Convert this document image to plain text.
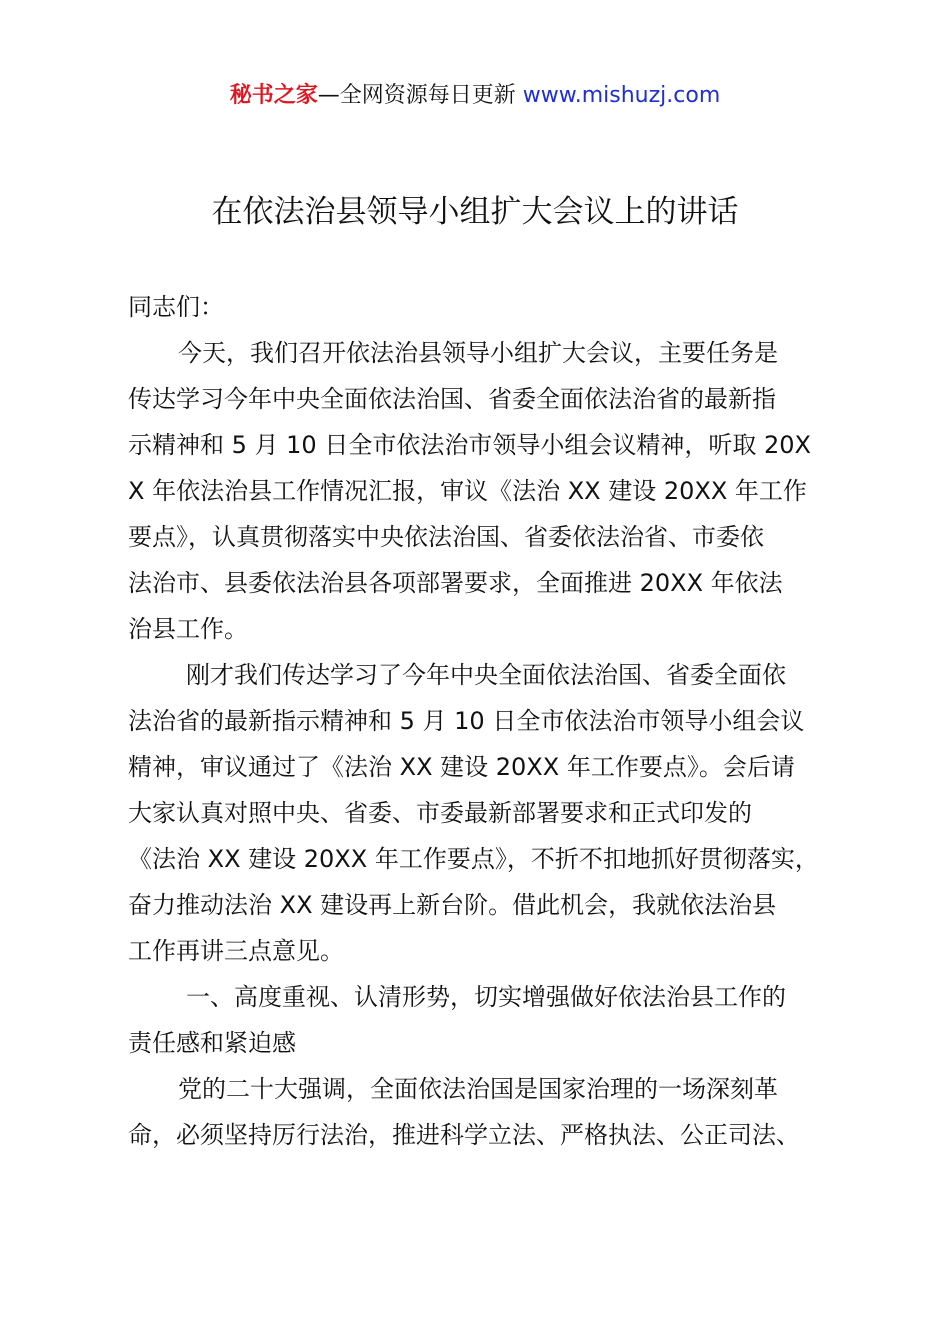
秘书之家—全网资源每日更新 www.mishuzj.com
在依法治县领导小组扩大会议上的讲话
同志们：
今天，我们召开依法治县领导小组扩大会议，主要任务是
传达学习今年中央全面依法治国、省委全面依法治省的最新指
示精神和 5 月 10 日全市依法治市领导小组会议精神，听取 20X
X 年依法治县工作情况汇报，审议《法治 XX 建设 20XX 年工作
要点》，认真贯彻落实中央依法治国、省委依法治省、市委依
法治市、县委依法治县各项部署要求，全面推进 20XX 年依法
治县工作。
刚才我们传达学习了今年中央全面依法治国、省委全面依
法治省的最新指示精神和 5 月 10 日全市依法治市领导小组会议
精神，审议通过了《法治 XX 建设 20XX 年工作要点》。会后请
大家认真对照中央、省委、市委最新部署要求和正式印发的
《法治 XX 建设 20XX 年工作要点》，不折不扣地抓好贯彻落实，
奋力推动法治 XX 建设再上新台阶。借此机会，我就依法治县
工作再讲三点意见。
一、高度重视、认清形势，切实增强做好依法治县工作的
责任感和紧迫感
党的二十大强调，全面依法治国是国家治理的一场深刻革
命，必须坚持厉行法治，推进科学立法、严格执法、公正司法、
